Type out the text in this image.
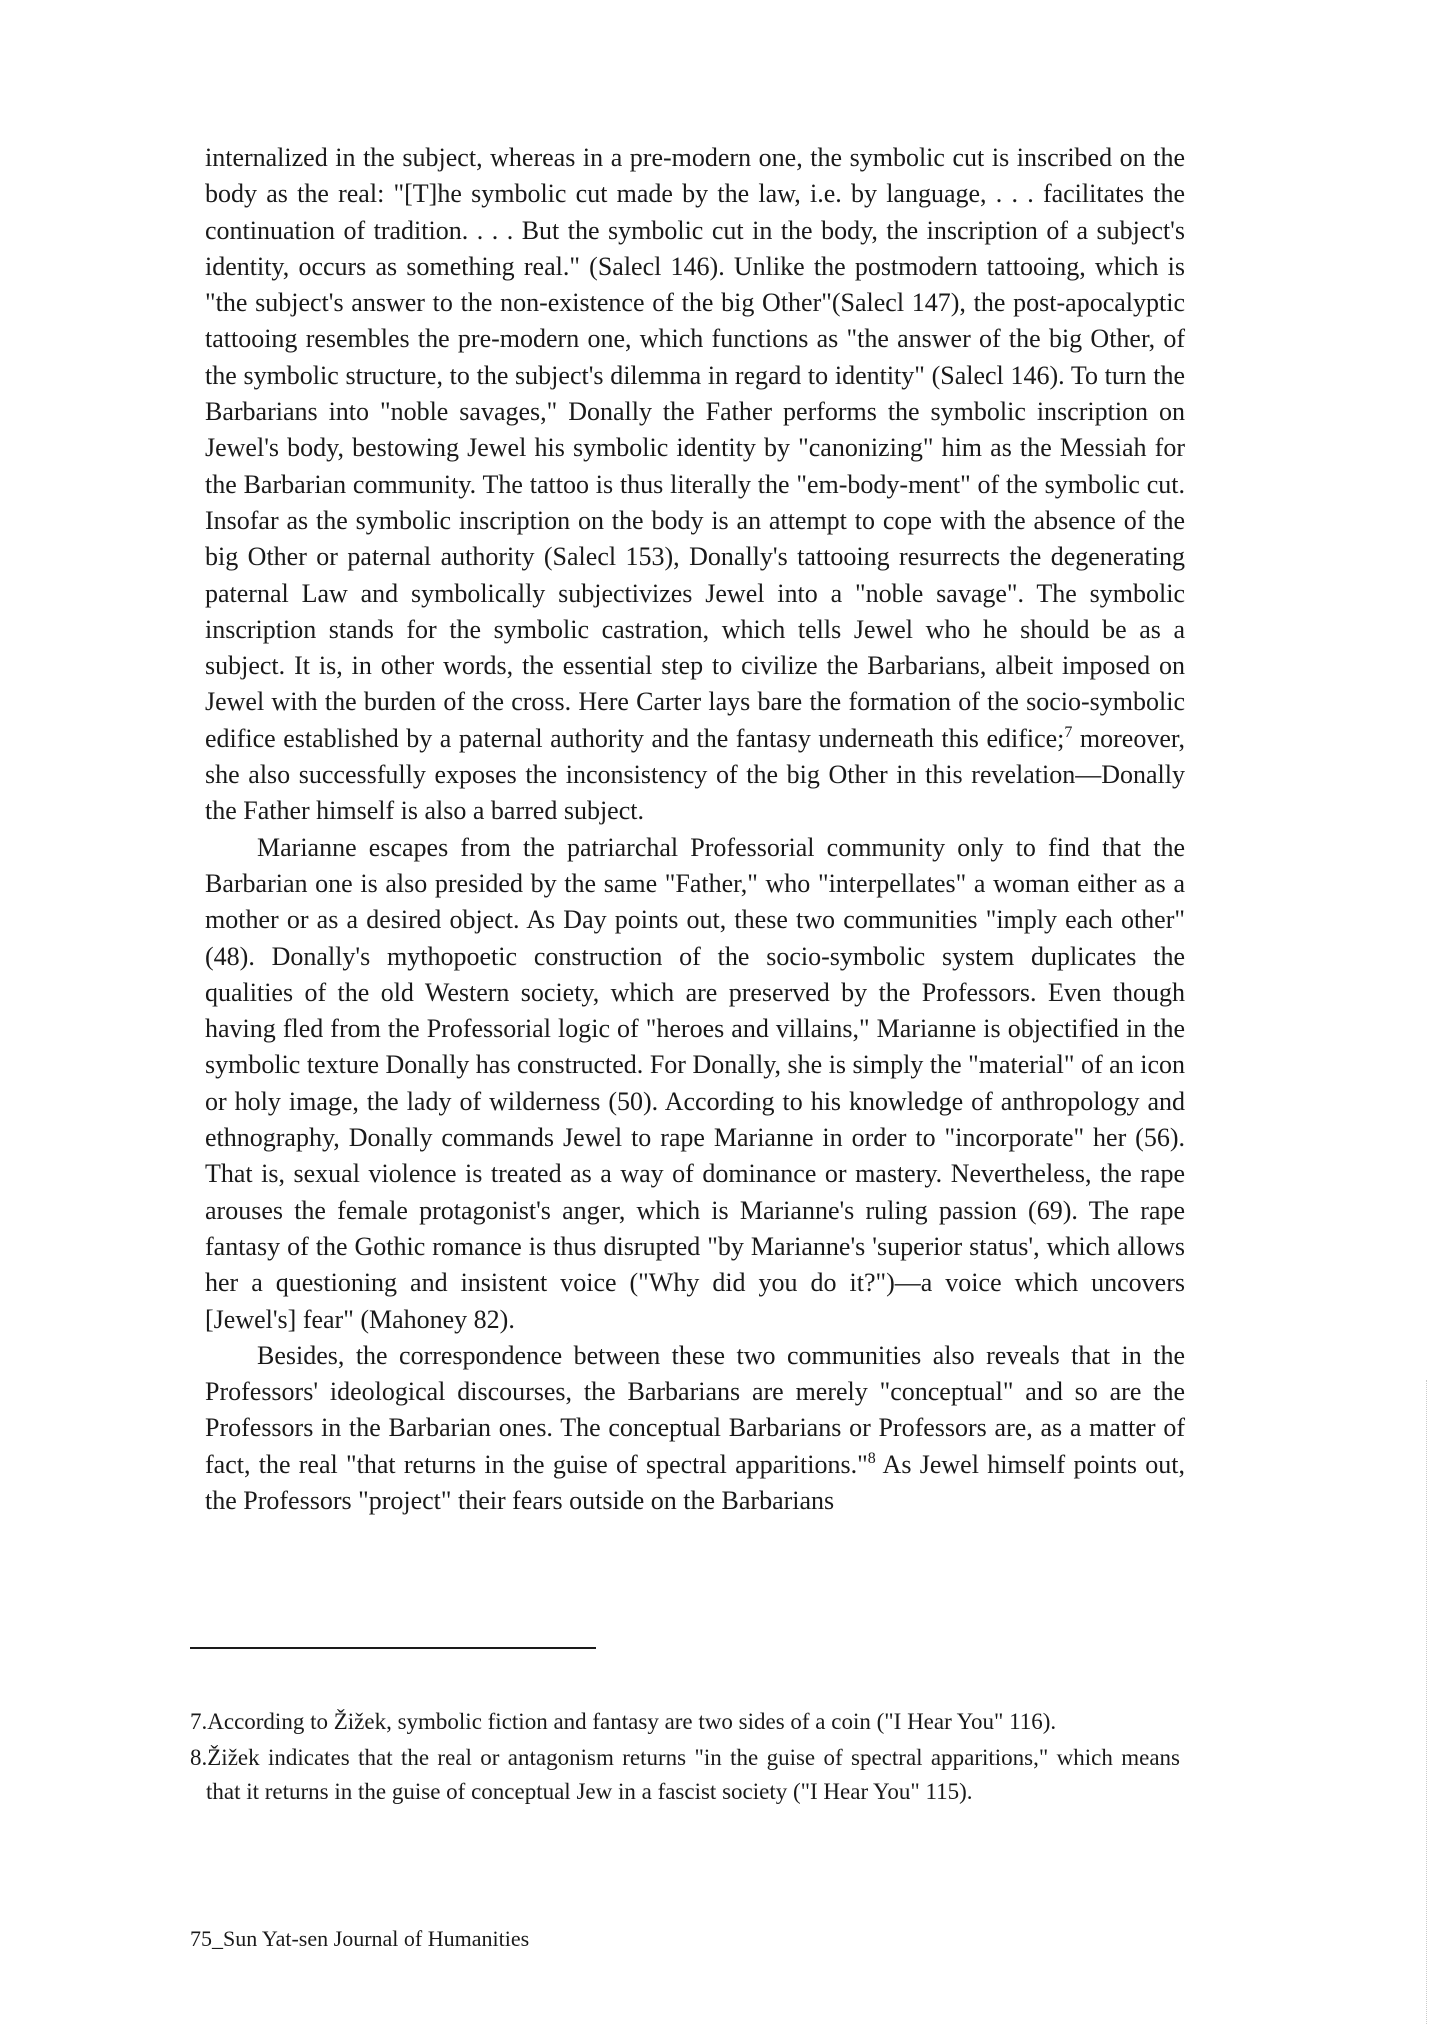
internalized in the subject, whereas in a pre-modern one, the symbolic cut is inscribed on the body as the real: "[T]he symbolic cut made by the law, i.e. by language, . . . facilitates the continuation of tradition. . . . But the symbolic cut in the body, the inscription of a subject's identity, occurs as something real." (Salecl 146). Unlike the postmodern tattooing, which is "the subject's answer to the non-existence of the big Other"(Salecl 147), the post-apocalyptic tattooing resembles the pre-modern one, which functions as "the answer of the big Other, of the symbolic structure, to the subject's dilemma in regard to identity" (Salecl 146). To turn the Barbarians into "noble savages," Donally the Father performs the symbolic inscription on Jewel's body, bestowing Jewel his symbolic identity by "canonizing" him as the Messiah for the Barbarian community. The tattoo is thus literally the "em-body-ment" of the symbolic cut. Insofar as the symbolic inscription on the body is an attempt to cope with the absence of the big Other or paternal authority (Salecl 153), Donally's tattooing resurrects the degenerating paternal Law and symbolically subjectivizes Jewel into a "noble savage". The symbolic inscription stands for the symbolic castration, which tells Jewel who he should be as a subject. It is, in other words, the essential step to civilize the Barbarians, albeit imposed on Jewel with the burden of the cross. Here Carter lays bare the formation of the socio-symbolic edifice established by a paternal authority and the fantasy underneath this edifice;$^7$ moreover, she also successfully exposes the inconsistency of the big Other in this revelation—Donally the Father himself is also a barred subject.

Marianne escapes from the patriarchal Professorial community only to find that the Barbarian one is also presided by the same "Father," who "interpellates" a woman either as a mother or as a desired object. As Day points out, these two communities "imply each other" (48). Donally's mythopoetic construction of the socio-symbolic system duplicates the qualities of the old Western society, which are preserved by the Professors. Even though having fled from the Professorial logic of "heroes and villains," Marianne is objectified in the symbolic texture Donally has constructed. For Donally, she is simply the "material" of an icon or holy image, the lady of wilderness (50). According to his knowledge of anthropology and ethnography, Donally commands Jewel to rape Marianne in order to "incorporate" her (56). That is, sexual violence is treated as a way of dominance or mastery. Nevertheless, the rape arouses the female protagonist's anger, which is Marianne's ruling passion (69). The rape fantasy of the Gothic romance is thus disrupted "by Marianne's 'superior status', which allows her a questioning and insistent voice ("Why did you do it?")—a voice which uncovers [Jewel's] fear" (Mahoney 82).

Besides, the correspondence between these two communities also reveals that in the Professors' ideological discourses, the Barbarians are merely "conceptual" and so are the Professors in the Barbarian ones. The conceptual Barbarians or Professors are, as a matter of fact, the real "that returns in the guise of spectral apparitions."$^8$ As Jewel himself points out, the Professors "project" their fears outside on the Barbarians

7.According to Žižek, symbolic fiction and fantasy are two sides of a coin ("I Hear You" 116).

8.Žižek indicates that the real or antagonism returns "in the guise of spectral apparitions," which means that it returns in the guise of conceptual Jew in a fascist society ("I Hear You" 115).

75_Sun Yat-sen Journal of Humanities
